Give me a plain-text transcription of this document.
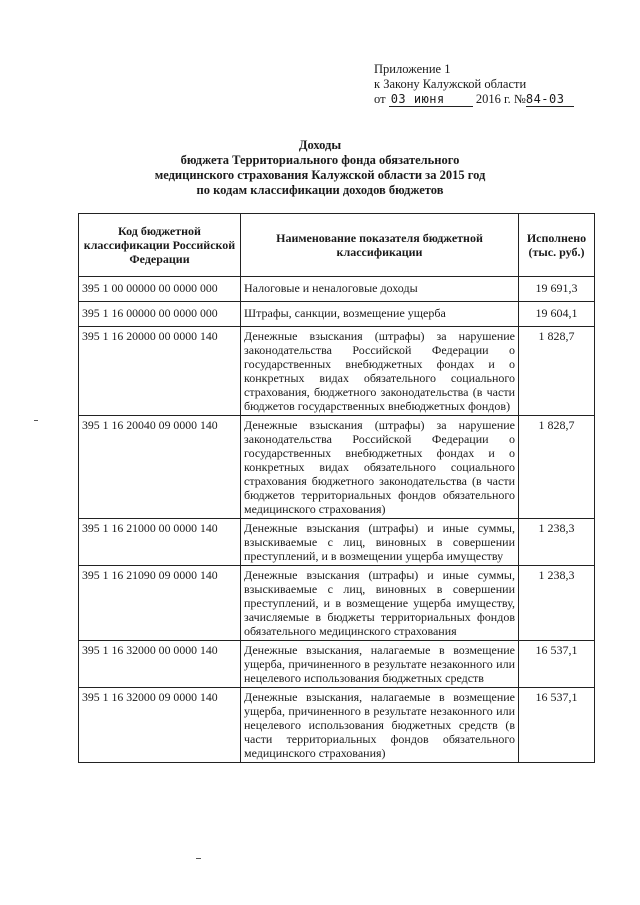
Приложение 1
к Закону Калужской области
от 03 июня 2016 г. №84-03
Доходы
бюджета Территориального фонда обязательного
медицинского страхования Калужской области за 2015 год
по кодам классификации доходов бюджетов
Код бюджетной классификации Российской Федерации	Наименование показателя бюджетной классификации	Исполнено (тыс. руб.)
395 1 00 00000 00 0000 000	Налоговые и неналоговые доходы	19 691,3
395 1 16 00000 00 0000 000	Штрафы, санкции, возмещение ущерба	19 604,1
395 1 16 20000 00 0000 140	Денежные взыскания (штрафы) за нарушение законодательства Российской Федерации о государственных внебюджетных фондах и о конкретных видах обязательного социального страхования, бюджетного законодательства (в части бюджетов государственных внебюджетных фондов)	1 828,7
395 1 16 20040 09 0000 140	Денежные взыскания (штрафы) за нарушение законодательства Российской Федерации о государственных внебюджетных фондах и о конкретных видах обязательного социального страхования бюджетного законодательства (в части бюджетов территориальных фондов обязательного медицинского страхования)	1 828,7
395 1 16 21000 00 0000 140	Денежные взыскания (штрафы) и иные суммы, взыскиваемые с лиц, виновных в совершении преступлений, и в возмещении ущерба имуществу	1 238,3
395 1 16 21090 09 0000 140	Денежные взыскания (штрафы) и иные суммы, взыскиваемые с лиц, виновных в совершении преступлений, и в возмещение ущерба имуществу, зачисляемые в бюджеты территориальных фондов обязательного медицинского страхования	1 238,3
395 1 16 32000 00 0000 140	Денежные взыскания, налагаемые в возмещение ущерба, причиненного в результате незаконного или нецелевого использования бюджетных средств	16 537,1
395 1 16 32000 09 0000 140	Денежные взыскания, налагаемые в возмещение ущерба, причиненного в результате незаконного или нецелевого использования бюджетных средств (в части территориальных фондов обязательного медицинского страхования)	16 537,1
